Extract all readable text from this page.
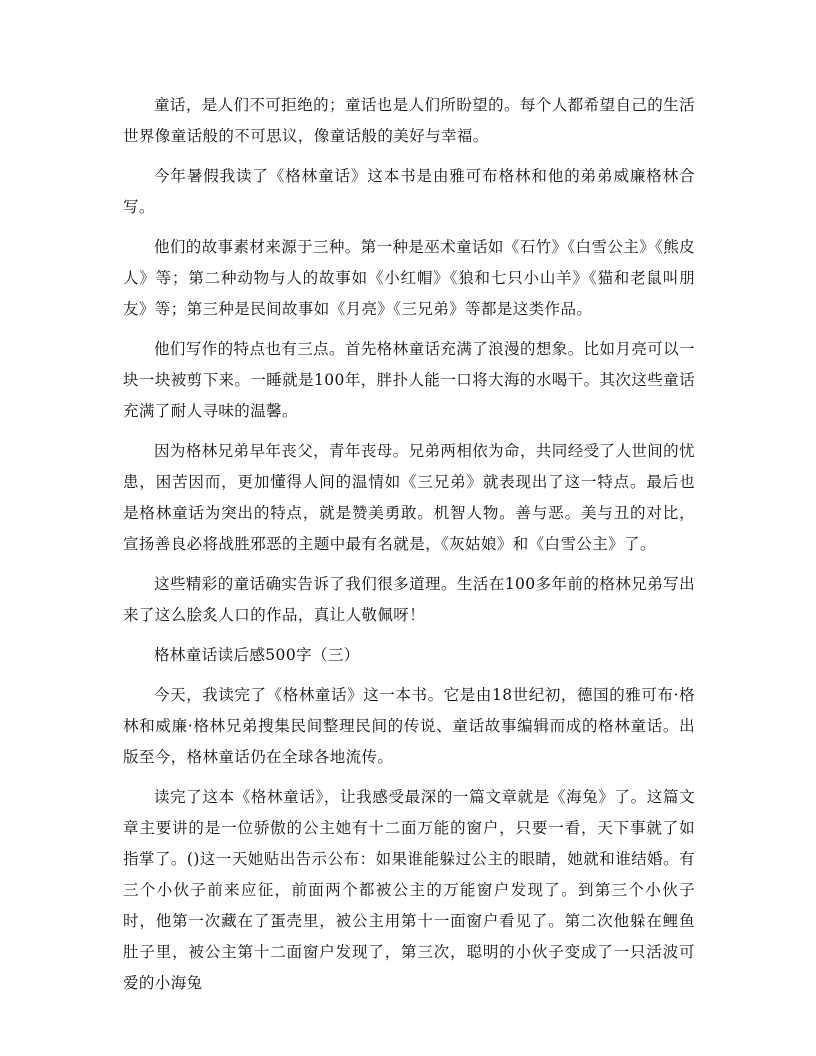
童话，是人们不可拒绝的；童话也是人们所盼望的。每个人都希望自己的生活世界像童话般的不可思议，像童话般的美好与幸福。

今年暑假我读了《格林童话》这本书是由雅可布格林和他的弟弟威廉格林合写。

他们的故事素材来源于三种。第一种是巫术童话如《石竹》《白雪公主》《熊皮人》等；第二种动物与人的故事如《小红帽》《狼和七只小山羊》《猫和老鼠叫朋友》等；第三种是民间故事如《月亮》《三兄弟》等都是这类作品。

他们写作的特点也有三点。首先格林童话充满了浪漫的想象。比如月亮可以一块一块被剪下来。一睡就是100年，胖扑人能一口将大海的水喝干。其次这些童话充满了耐人寻味的温馨。

因为格林兄弟早年丧父，青年丧母。兄弟两相依为命，共同经受了人世间的忧患，困苦因而，更加懂得人间的温情如《三兄弟》就表现出了这一特点。最后也是格林童话为突出的特点，就是赞美勇敢。机智人物。善与恶。美与丑的对比，宣扬善良必将战胜邪恶的主题中最有名就是，《灰姑娘》和《白雪公主》了。

这些精彩的童话确实告诉了我们很多道理。生活在100多年前的格林兄弟写出来了这么脍炙人口的作品，真让人敬佩呀！

格林童话读后感500字（三）

今天，我读完了《格林童话》这一本书。它是由18世纪初，德国的雅可布·格林和威廉·格林兄弟搜集民间整理民间的传说、童话故事编辑而成的格林童话。出版至今，格林童话仍在全球各地流传。

读完了这本《格林童话》，让我感受最深的一篇文章就是《海兔》了。这篇文章主要讲的是一位骄傲的公主她有十二面万能的窗户，只要一看，天下事就了如指掌了。()这一天她贴出告示公布：如果谁能躲过公主的眼睛，她就和谁结婚。有三个小伙子前来应征，前面两个都被公主的万能窗户发现了。到第三个小伙子时，他第一次藏在了蛋壳里，被公主用第十一面窗户看见了。第二次他躲在鲤鱼肚子里，被公主第十二面窗户发现了，第三次，聪明的小伙子变成了一只活波可爱的小海兔
